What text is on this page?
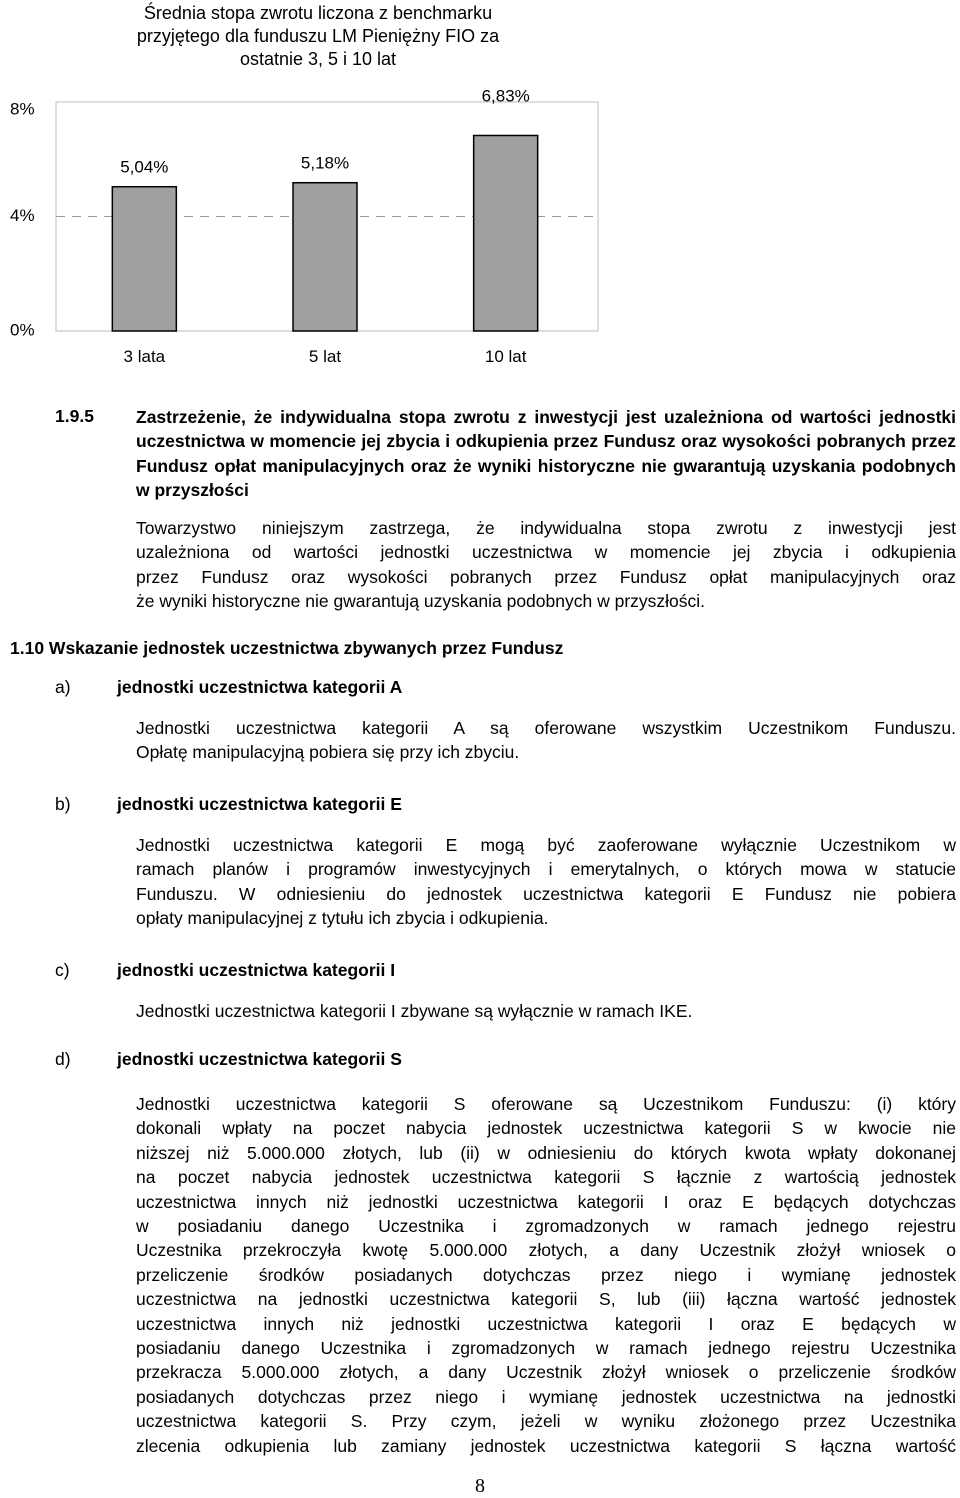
Średnia stopa zwrotu liczona z benchmarku
przyjętego dla funduszu LM Pieniężny FIO za
ostatnie 3, 5 i 10 lat
0%
4%
8%
5,04%
3 lata
5,18%
5 lat
6,83%
10 lat
1.9.5 Zastrzeżenie, że indywidualna stopa zwrotu z inwestycji jest uzależniona od wartości jednostki uczestnictwa w momencie jej zbycia i odkupienia przez Fundusz oraz wysokości pobranych przez Fundusz opłat manipulacyjnych oraz że wyniki historyczne nie gwarantują uzyskania podobnych w przyszłości
Towarzystwo niniejszym zastrzega, że indywidualna stopa zwrotu z inwestycji jest
uzależniona od wartości jednostki uczestnictwa w momencie jej zbycia i odkupienia
przez Fundusz oraz wysokości pobranych przez Fundusz opłat manipulacyjnych oraz
że wyniki historyczne nie gwarantują uzyskania podobnych w przyszłości.
1.10 Wskazanie jednostek uczestnictwa zbywanych przez Fundusz
a)	jednostki uczestnictwa kategorii A
Jednostki uczestnictwa kategorii A są oferowane wszystkim Uczestnikom Funduszu.
Opłatę manipulacyjną pobiera się przy ich zbyciu.
b)	jednostki uczestnictwa kategorii E
Jednostki uczestnictwa kategorii E mogą być zaoferowane wyłącznie Uczestnikom w
ramach planów i programów inwestycyjnych i emerytalnych, o których mowa w statucie
Funduszu. W odniesieniu do jednostek uczestnictwa kategorii E Fundusz nie pobiera
opłaty manipulacyjnej z tytułu ich zbycia i odkupienia.
c)	jednostki uczestnictwa kategorii I
Jednostki uczestnictwa kategorii I zbywane są wyłącznie w ramach IKE.
d)	jednostki uczestnictwa kategorii S
Jednostki uczestnictwa kategorii S oferowane są Uczestnikom Funduszu: (i) który
dokonali wpłaty na poczet nabycia jednostek uczestnictwa kategorii S w kwocie nie
niższej niż 5.000.000 złotych, lub (ii) w odniesieniu do których kwota wpłaty dokonanej
na poczet nabycia jednostek uczestnictwa kategorii S łącznie z wartością jednostek
uczestnictwa innych niż jednostki uczestnictwa kategorii I oraz E będących dotychczas
w posiadaniu danego Uczestnika i zgromadzonych w ramach jednego rejestru
Uczestnika przekroczyła kwotę 5.000.000 złotych, a dany Uczestnik złożył wniosek o
przeliczenie środków posiadanych dotychczas przez niego i wymianę jednostek
uczestnictwa na jednostki uczestnictwa kategorii S, lub (iii) łączna wartość jednostek
uczestnictwa innych niż jednostki uczestnictwa kategorii I oraz E będących w
posiadaniu danego Uczestnika i zgromadzonych w ramach jednego rejestru Uczestnika
przekracza 5.000.000 złotych, a dany Uczestnik złożył wniosek o przeliczenie środków
posiadanych dotychczas przez niego i wymianę jednostek uczestnictwa na jednostki
uczestnictwa kategorii S. Przy czym, jeżeli w wyniku złożonego przez Uczestnika
zlecenia odkupienia lub zamiany jednostek uczestnictwa kategorii S łączna wartość
8
